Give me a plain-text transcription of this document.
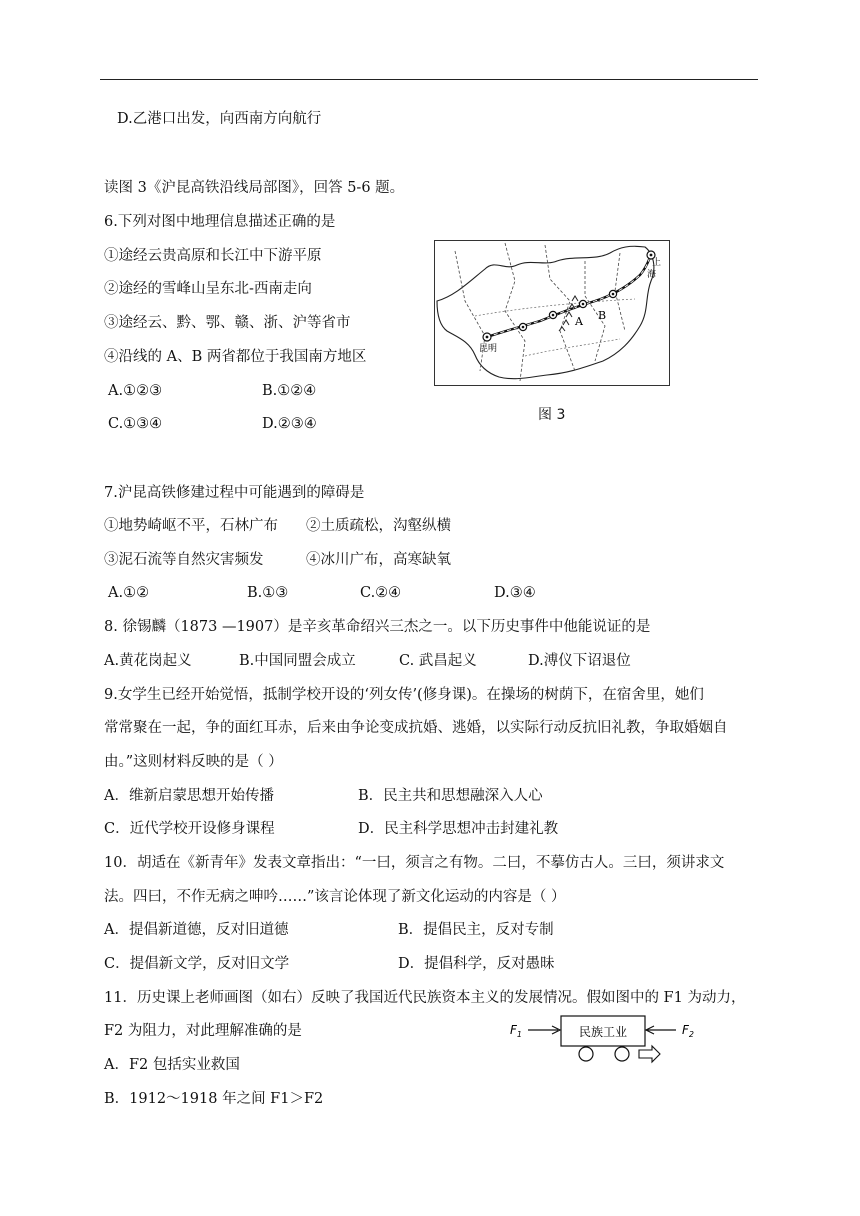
D.乙港口出发，向西南方向航行
读图 3《沪昆高铁沿线局部图》，回答 5-6 题。
6.下列对图中地理信息描述正确的是
①途经云贵高原和长江中下游平原
②途经的雪峰山呈东北-西南走向
③途经云、黔、鄂、赣、浙、沪等省市
④沿线的 A、B 两省都位于我国南方地区
A.①②③	B.①②④
C.①③④	D.②③④
A B
昆明
上
海
图 3
7.沪昆高铁修建过程中可能遇到的障碍是
①地势崎岖不平，石林广布 ②土质疏松，沟壑纵横
③泥石流等自然灾害频发	④冰川广布，高寒缺氧
A.①②	B.①③	C.②④	D.③④
8. 徐锡麟（1873 —1907）是辛亥革命绍兴三杰之一。以下历史事件中他能说证的是
A.黄花岗起义	B.中国同盟会成立	C. 武昌起义	D.溥仪下诏退位
9.女学生已经开始觉悟，抵制学校开设的‘列女传’(修身课)。在操场的树荫下，在宿舍里，她们
常常聚在一起，争的面红耳赤，后来由争论变成抗婚、逃婚，以实际行动反抗旧礼教，争取婚姻自
由。”这则材料反映的是（ ）
A．维新启蒙思想开始传播	B．民主共和思想融深入人心
C．近代学校开设修身课程	D．民主科学思想冲击封建礼教
10．胡适在《新青年》发表文章指出：“一曰，须言之有物。二曰，不摹仿古人。三曰，须讲求文
法。四曰，不作无病之呻吟……”该言论体现了新文化运动的内容是（ ）
A．提倡新道德，反对旧道德	B．提倡民主，反对专制
C．提倡新文学，反对旧文学	D．提倡科学，反对愚昧
11．历史课上老师画图（如右）反映了我国近代民族资本主义的发展情况。假如图中的 F1 为动力，
F2 为阻力，对此理解准确的是
A．F2 包括实业救国
B．1912～1918 年之间 F1＞F2
$F_1$	民族工业	$F_2$
